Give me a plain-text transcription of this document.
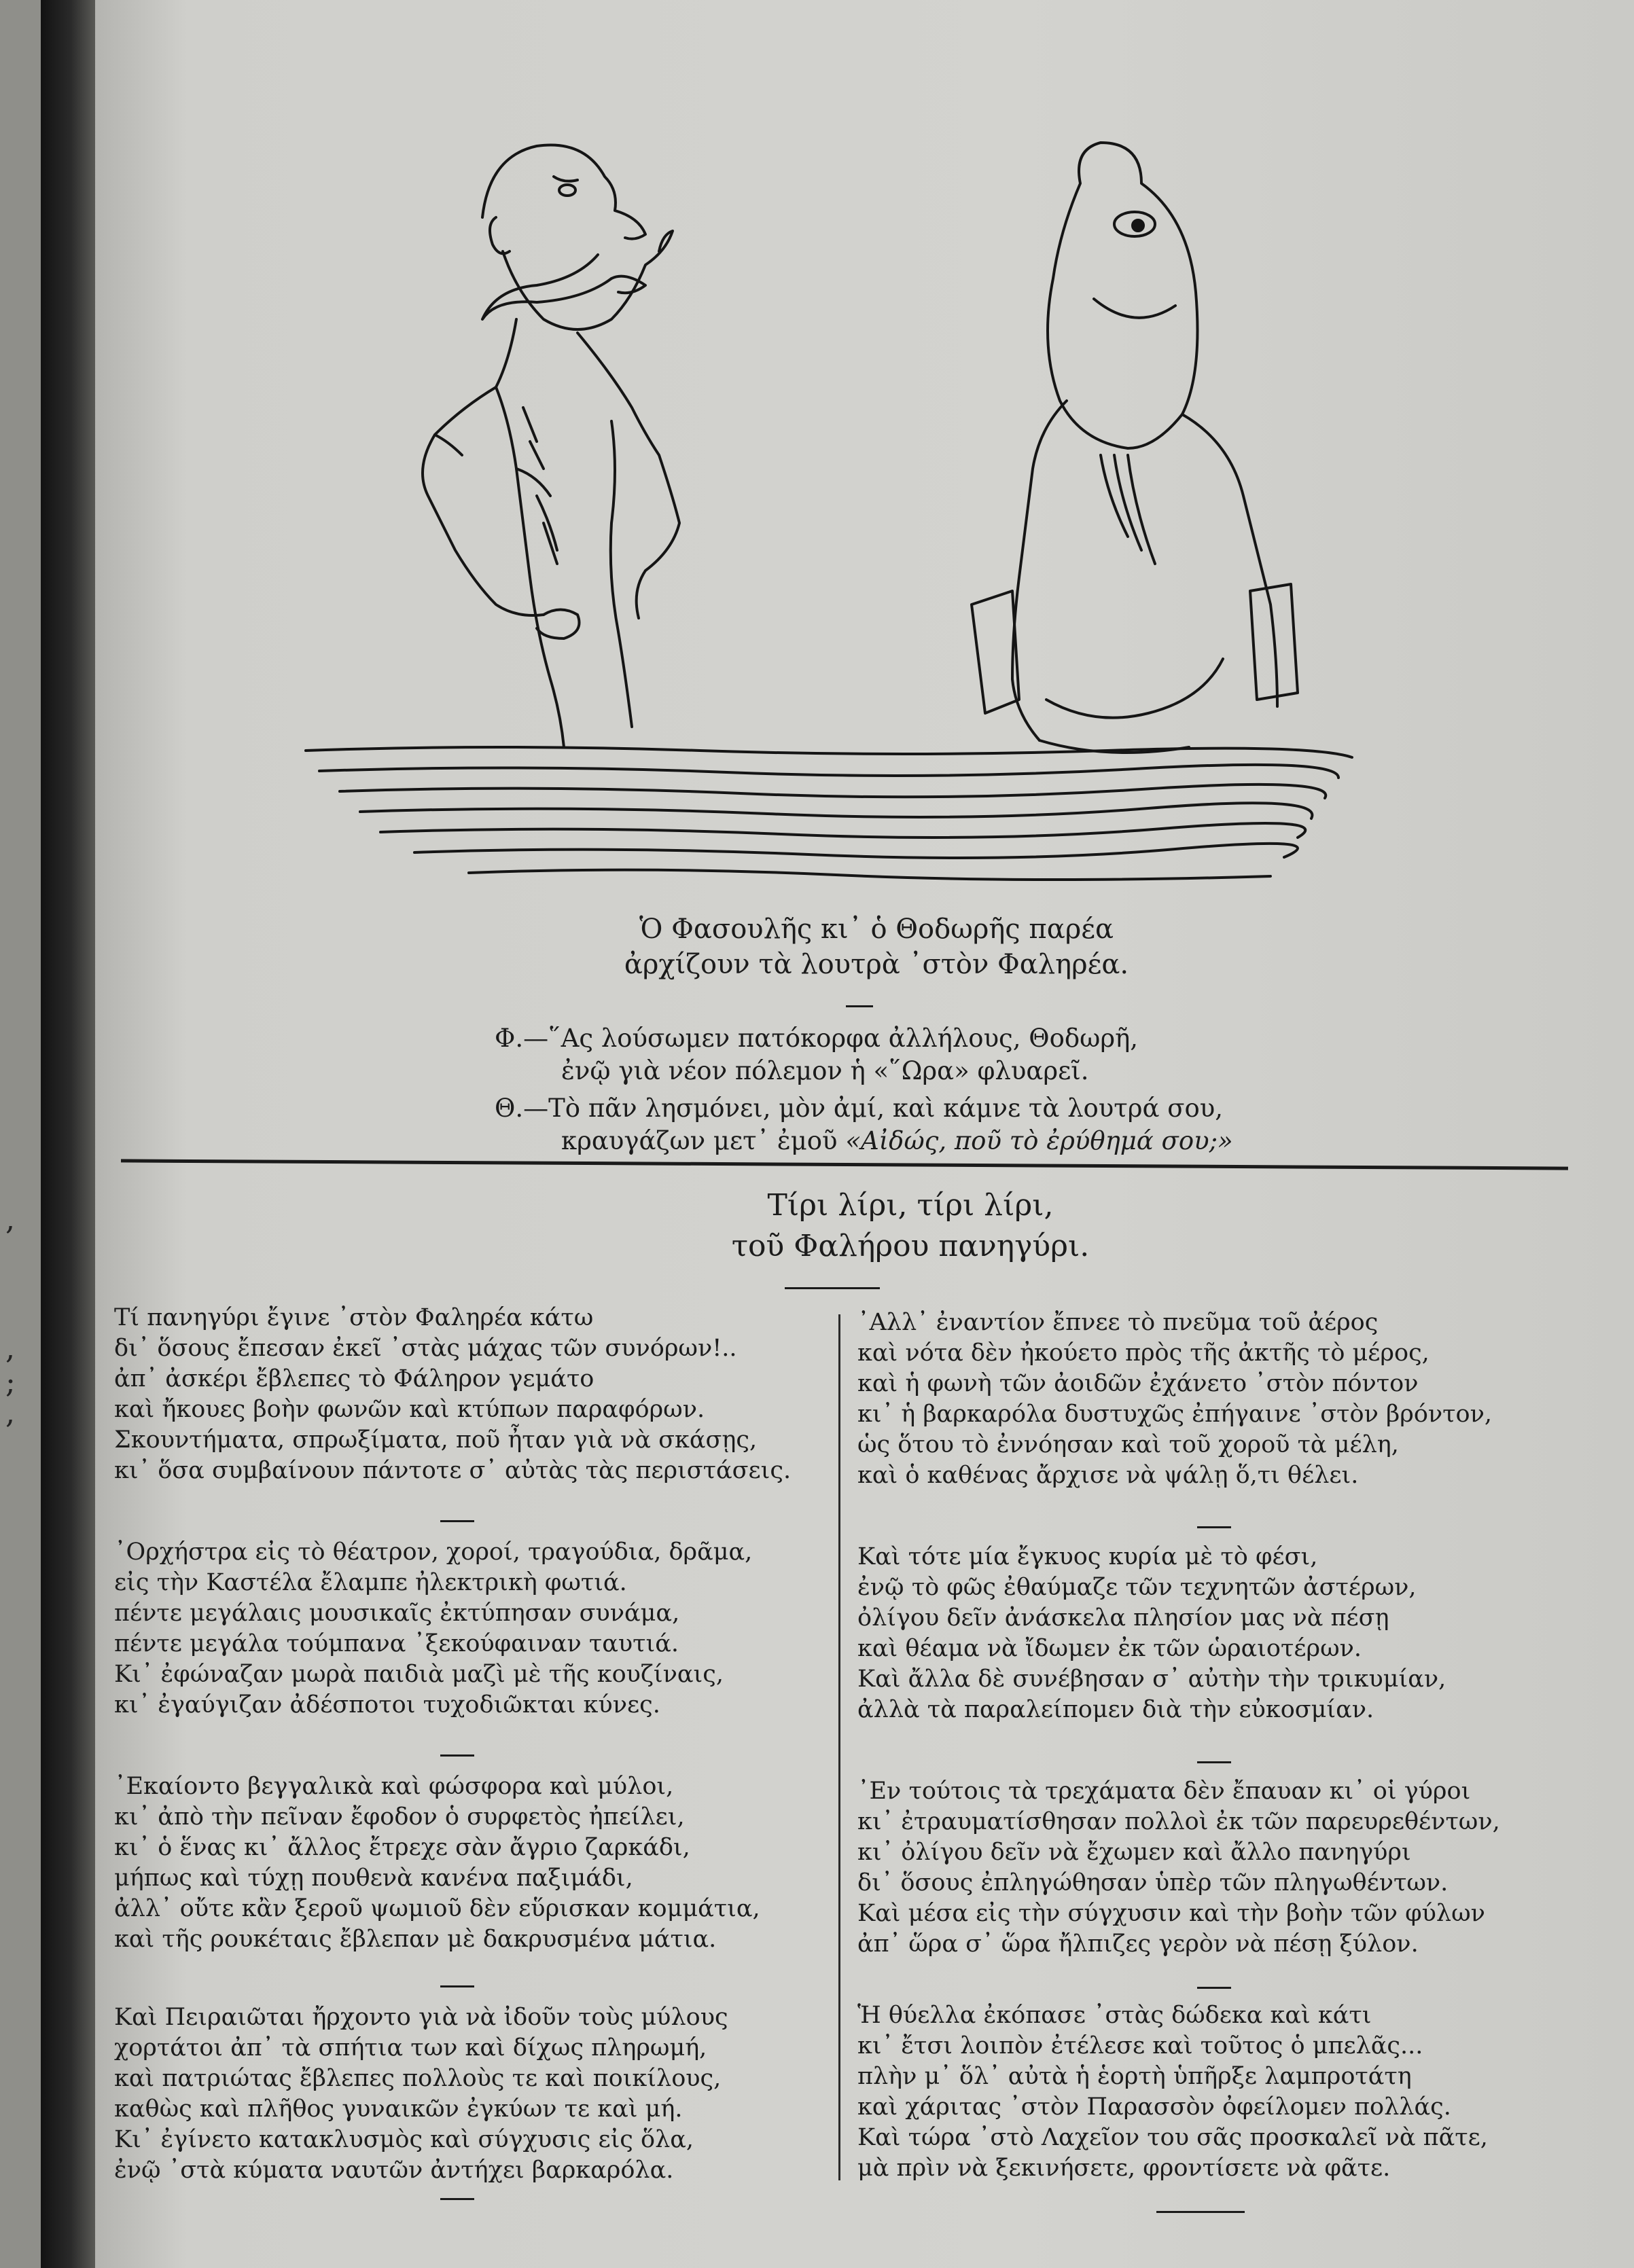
,
,
;
,
Ὁ Φασουλῆς κι᾿ ὁ Θοδωρῆς παρέα
ἀρχίζουν τὰ λουτρὰ ᾿στὸν Φαληρέα.
Φ.—῞Ας λούσωμεν πατόκορφα ἀλλήλους, Θοδωρῆ,
ἐνῷ γιὰ νέον πόλεμον ἡ «῞Ωρα» φλυαρεῖ.
Θ.—Τὸ πᾶν λησμόνει, μὸν ἀμί, καὶ κάμνε τὰ λουτρά σου,
κραυγάζων μετ᾿ ἐμοῦ «Αἰδώς, ποῦ τὸ ἐρύθημά σου;»
Τίρι λίρι, τίρι λίρι,
τοῦ Φαλήρου πανηγύρι.
Τί πανηγύρι ἔγινε ᾿στὸν Φαληρέα κάτω
δι᾿ ὅσους ἔπεσαν ἐκεῖ ᾿στὰς μάχας τῶν συνόρων!..
ἀπ᾿ ἀσκέρι ἔβλεπες τὸ Φάληρον γεμάτο
καὶ ἤκουες βοὴν φωνῶν καὶ κτύπων παραφόρων.
Σκουντήματα, σπρωξίματα, ποῦ ἦταν γιὰ νὰ σκάσῃς,
κι᾿ ὅσα συμβαίνουν πάντοτε σ᾿ αὐτὰς τὰς περιστάσεις.
᾿Ορχήστρα εἰς τὸ θέατρον, χοροί, τραγούδια, δρᾶμα,
εἰς τὴν Καστέλα ἔλαμπε ἠλεκτρικὴ φωτιά.
πέντε μεγάλαις μουσικαῖς ἐκτύπησαν συνάμα,
πέντε μεγάλα τούμπανα ᾿ξεκούφαιναν ταυτιά.
Κι᾿ ἐφώναζαν μωρὰ παιδιὰ μαζὶ μὲ τῆς κουζίναις,
κι᾿ ἐγαύγιζαν ἀδέσποτοι τυχοδιῶκται κύνες.
᾿Εκαίοντο βεγγαλικὰ καὶ φώσφορα καὶ μύλοι,
κι᾿ ἀπὸ τὴν πεῖναν ἔφοδον ὁ συρφετὸς ἠπείλει,
κι᾿ ὁ ἕνας κι᾿ ἄλλος ἔτρεχε σὰν ἄγριο ζαρκάδι,
μήπως καὶ τύχῃ πουθενὰ κανένα παξιμάδι,
ἀλλ᾿ οὔτε κἂν ξεροῦ ψωμιοῦ δὲν εὕρισκαν κομμάτια,
καὶ τῆς ρουκέταις ἔβλεπαν μὲ δακρυσμένα μάτια.
Καὶ Πειραιῶται ἤρχοντο γιὰ νὰ ἰδοῦν τοὺς μύλους
χορτάτοι ἀπ᾿ τὰ σπήτια των καὶ δίχως πληρωμή,
καὶ πατριώτας ἔβλεπες πολλοὺς τε καὶ ποικίλους,
καθὼς καὶ πλῆθος γυναικῶν ἐγκύων τε καὶ μή.
Κι᾿ ἐγίνετο κατακλυσμὸς καὶ σύγχυσις εἰς ὅλα,
ἐνῷ ᾿στὰ κύματα ναυτῶν ἀντήχει βαρκαρόλα.
᾿Αλλ᾿ ἐναντίον ἔπνεε τὸ πνεῦμα τοῦ ἀέρος
καὶ νότα δὲν ἠκούετο πρὸς τῆς ἀκτῆς τὸ μέρος,
καὶ ἡ φωνὴ τῶν ἀοιδῶν ἐχάνετο ᾿στὸν πόντον
κι᾿ ἡ βαρκαρόλα δυστυχῶς ἐπήγαινε ᾿στὸν βρόντον,
ὡς ὅτου τὸ ἐννόησαν καὶ τοῦ χοροῦ τὰ μέλη,
καὶ ὁ καθένας ἄρχισε νὰ ψάλῃ ὅ,τι θέλει.
Καὶ τότε μία ἔγκυος κυρία μὲ τὸ φέσι,
ἐνῷ τὸ φῶς ἐθαύμαζε τῶν τεχνητῶν ἀστέρων,
ὀλίγου δεῖν ἀνάσκελα πλησίον μας νὰ πέσῃ
καὶ θέαμα νὰ ἴδωμεν ἐκ τῶν ὡραιοτέρων.
Καὶ ἄλλα δὲ συνέβησαν σ᾿ αὐτὴν τὴν τρικυμίαν,
ἀλλὰ τὰ παραλείπομεν διὰ τὴν εὐκοσμίαν.
᾿Εν τούτοις τὰ τρεχάματα δὲν ἔπαυαν κι᾿ οἱ γύροι
κι᾿ ἐτραυματίσθησαν πολλοὶ ἐκ τῶν παρευρεθέντων,
κι᾿ ὀλίγου δεῖν νὰ ἔχωμεν καὶ ἄλλο πανηγύρι
δι᾿ ὅσους ἐπληγώθησαν ὑπὲρ τῶν πληγωθέντων.
Καὶ μέσα εἰς τὴν σύγχυσιν καὶ τὴν βοὴν τῶν φύλων
ἀπ᾿ ὥρα σ᾿ ὥρα ἤλπιζες γερὸν νὰ πέσῃ ξύλον.
Ἡ θύελλα ἐκόπασε ᾿στὰς δώδεκα καὶ κάτι
κι᾿ ἔτσι λοιπὸν ἐτέλεσε καὶ τοῦτος ὁ μπελᾶς...
πλὴν μ᾿ ὅλ᾿ αὐτὰ ἡ ἑορτὴ ὑπῆρξε λαμπροτάτη
καὶ χάριτας ᾿στὸν Παρασσὸν ὀφείλομεν πολλάς.
Καὶ τώρα ᾿στὸ Λαχεῖον του σᾶς προσκαλεῖ νὰ πᾶτε,
μὰ πρὶν νὰ ξεκινήσετε, φροντίσετε νὰ φᾶτε.
